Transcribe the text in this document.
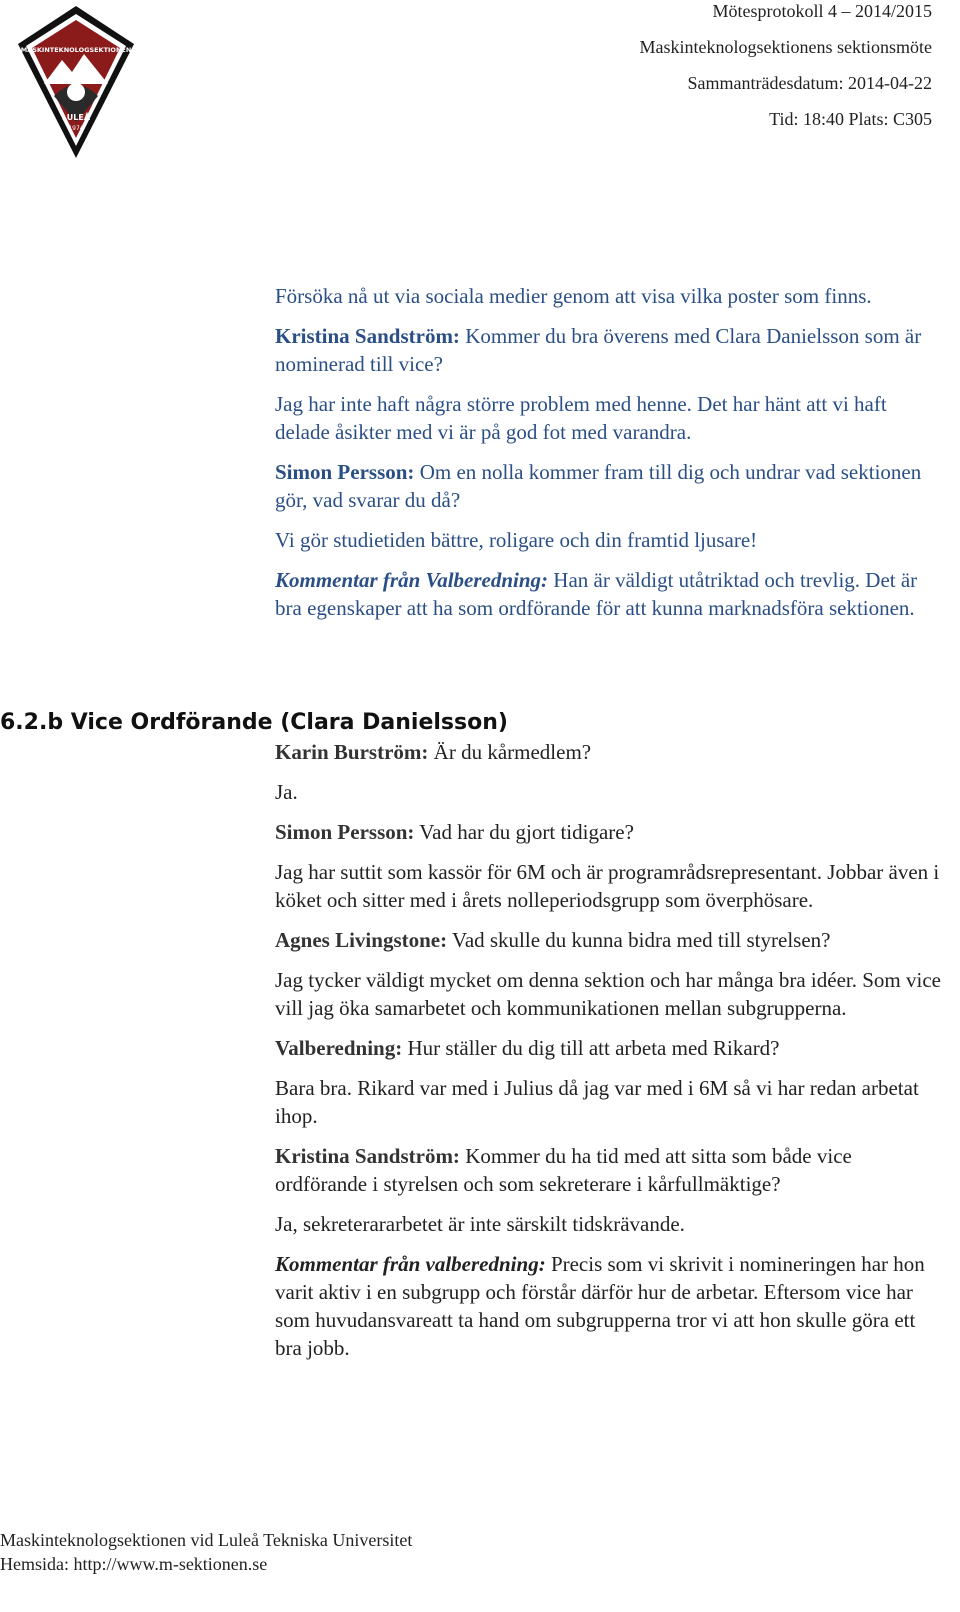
MASKINTEKNOLOGSEKTIONEN
LULEÅ
1974
Mötesprotokoll 4 – 2014/2015
Maskinteknologsektionens sektionsmöte
Sammanträdesdatum: 2014-04-22
Tid: 18:40 Plats: C305

Försöka nå ut via sociala medier genom att visa vilka poster som finns.

Kristina Sandström: Kommer du bra överens med Clara Danielsson som är nominerad till vice?

Jag har inte haft några större problem med henne. Det har hänt att vi haft delade åsikter med vi är på god fot med varandra.

Simon Persson: Om en nolla kommer fram till dig och undrar vad sektionen gör, vad svarar du då?

Vi gör studietiden bättre, roligare och din framtid ljusare!

Kommentar från Valberedning: Han är väldigt utåtriktad och trevlig. Det är bra egenskaper att ha som ordförande för att kunna marknadsföra sektionen.

6.2.b Vice Ordförande (Clara Danielsson)

Karin Burström: Är du kårmedlem?

Ja.

Simon Persson: Vad har du gjort tidigare?

Jag har suttit som kassör för 6M och är programrådsrepresentant. Jobbar även i köket och sitter med i årets nolleperiodsgrupp som överphösare.

Agnes Livingstone: Vad skulle du kunna bidra med till styrelsen?

Jag tycker väldigt mycket om denna sektion och har många bra idéer. Som vice vill jag öka samarbetet och kommunikationen mellan subgrupperna.

Valberedning: Hur ställer du dig till att arbeta med Rikard?

Bara bra. Rikard var med i Julius då jag var med i 6M så vi har redan arbetat ihop.

Kristina Sandström: Kommer du ha tid med att sitta som både vice ordförande i styrelsen och som sekreterare i kårfullmäktige?

Ja, sekreterararbetet är inte särskilt tidskrävande.

Kommentar från valberedning: Precis som vi skrivit i nomineringen har hon varit aktiv i en subgrupp och förstår därför hur de arbetar. Eftersom vice har som huvudansvareatt ta hand om subgrupperna tror vi att hon skulle göra ett bra jobb.

Maskinteknologsektionen vid Luleå Tekniska Universitet
Hemsida: http://www.m-sektionen.se
